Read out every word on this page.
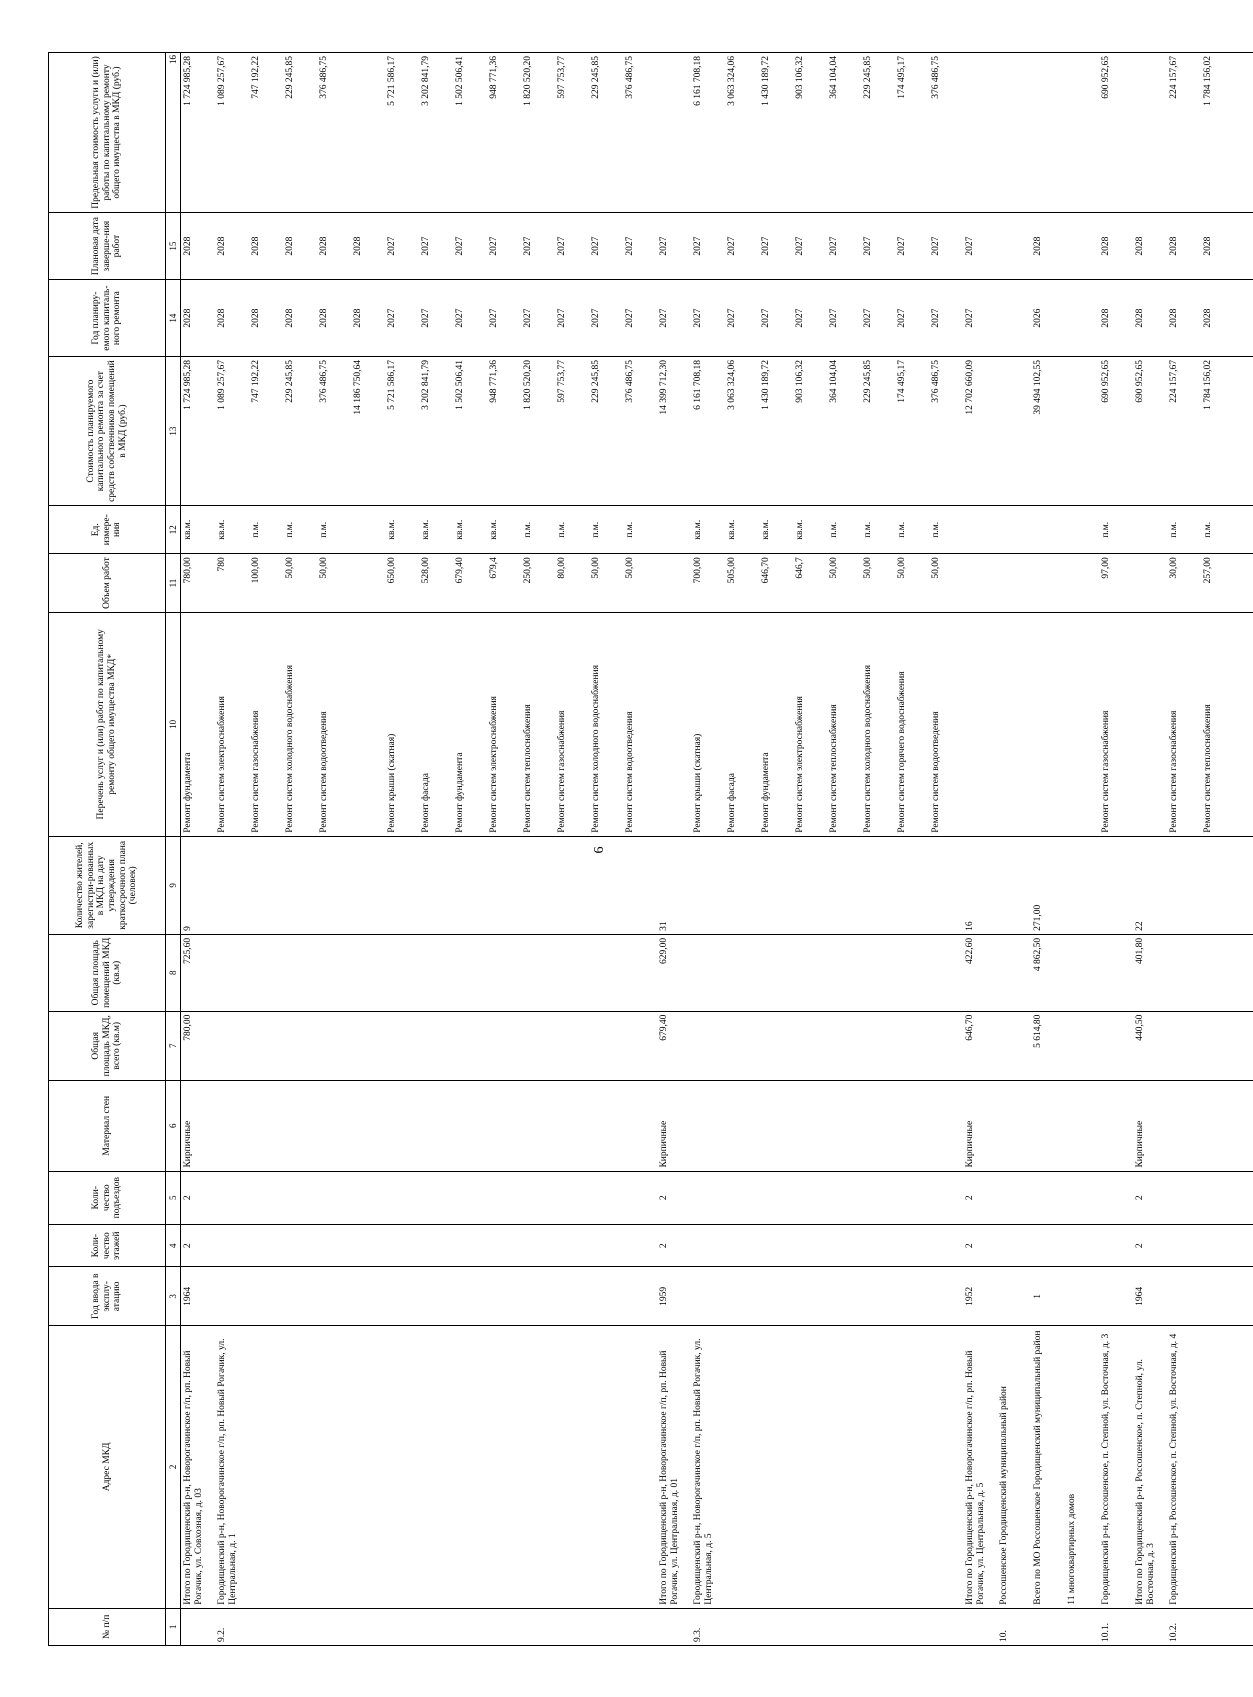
6
№ п/п	Адрес МКД	Год ввода в эксплу-атацию	Коли-чество этажей	Коли-чество подъездов	Материал стен	Общая площадь МКД, всего (кв.м)	Общая площадь помещений МКД (кв.м)	Количество жителей, зарегистри-рованных в МКД на дату утверждения краткосрочного плана (человек)	Перечень услуг и (или) работ по капитальному ремонту общего имущества МКД*	Объем работ	Ед. измере-ния	Стоимость планируемого капитального ремонта за счет средств собственников помещений в МКД (руб.)	Год планиру-емого капиталь-ного ремонта	Плановая дата заверше-ния работ	Предельная стоимость услуги и (или) работы по капитальному ремонту общего имущества в МКД (руб.)
1	2	3	4	5	6	7	8	9	10	11	12	13	14	15	16
	Итого по Городищенский р-н, Новорогачинское г/п, рп. Новый Рогачик, ул. Совхозная, д. 03	1964	2	2	Кирпичные	780,00	725,60	9	Ремонт фундамента	780,00	кв.м.	1 724 985,28	2028	2028	1 724 985,28
9.2.	Городищенский р-н, Новорогачинское г/п, рп. Новый Рогачик, ул. Центральная, д. 1								Ремонт систем электроснабжения	780	кв.м.	1 089 257,67	2028	2028	1 089 257,67
									Ремонт систем газоснабжения	100,00	п.м.	747 192,22	2028	2028	747 192,22
									Ремонт систем холодного водоснабжения	50,00	п.м.	229 245,85	2028	2028	229 245,85
									Ремонт систем водоотведения	50,00	п.м.	376 486,75	2028	2028	376 486,75
												14 186 750,64	2028	2028	
									Ремонт крыши (скатная)	650,00	кв.м.	5 721 586,17	2027	2027	5 721 586,17
									Ремонт фасада	528,00	кв.м.	3 202 841,79	2027	2027	3 202 841,79
									Ремонт фундамента	679,40	кв.м.	1 502 506,41	2027	2027	1 502 506,41
									Ремонт систем электроснабжения	679,4	кв.м.	948 771,36	2027	2027	948 771,36
									Ремонт систем теплоснабжения	250,00	п.м.	1 820 520,20	2027	2027	1 820 520,20
									Ремонт систем газоснабжения	80,00	п.м.	597 753,77	2027	2027	597 753,77
									Ремонт систем холодного водоснабжения	50,00	п.м.	229 245,85	2027	2027	229 245,85
									Ремонт систем водоотведения	50,00	п.м.	376 486,75	2027	2027	376 486,75
	Итого по Городищенский р-н, Новорогачинское г/п, рп. Новый Рогачик, ул. Центральная, д. 01	1959	2	2	Кирпичные	679,40	629,00	31				14 399 712,30	2027	2027	
9.3.	Городищенский р-н, Новорогачинское г/п, рп. Новый Рогачик, ул. Центральная, д. 5								Ремонт крыши (скатная)	700,00	кв.м.	6 161 708,18	2027	2027	6 161 708,18
									Ремонт фасада	505,00	кв.м.	3 063 324,06	2027	2027	3 063 324,06
									Ремонт фундамента	646,70	кв.м.	1 430 189,72	2027	2027	1 430 189,72
									Ремонт систем электроснабжения	646,7	кв.м.	903 106,32	2027	2027	903 106,32
									Ремонт систем теплоснабжения	50,00	п.м.	364 104,04	2027	2027	364 104,04
									Ремонт систем холодного водоснабжения	50,00	п.м.	229 245,85	2027	2027	229 245,85
									Ремонт систем горячего водоснабжения	50,00	п.м.	174 495,17	2027	2027	174 495,17
									Ремонт систем водоотведения	50,00	п.м.	376 486,75	2027	2027	376 486,75
	Итого по Городищенский р-н, Новорогачинское г/п, рп. Новый Рогачик, ул. Центральная, д. 5	1952	2	2	Кирпичные	646,70	422,60	16				12 702 660,09	2027	2027	
10.	Россошенское Городищенский муниципальный район														
	Всего по МО Россошенское Городищенский муниципальный район	1				5 614,80	4 862,50	271,00				39 494 102,55	2026	2028	
	11 многоквартирных домов														
10.1.	Городищенский р-н, Россошенское, п. Степной, ул. Восточная, д. 3								Ремонт систем газоснабжения	97,00	п.м.	690 952,65	2028	2028	690 952,65
	Итого по Городищенский р-н, Россошенское, п. Степной, ул. Восточная, д. 3	1964	2	2	Кирпичные	440,50	401,80	22				690 952,65	2028	2028	
10.2.	Городищенский р-н, Россошенское, п. Степной, ул. Восточная, д. 4								Ремонт систем газоснабжения	30,00	п.м.	224 157,67	2028	2028	224 157,67
									Ремонт систем теплоснабжения	257,00	п.м.	1 784 156,02	2028	2028	1 784 156,02
